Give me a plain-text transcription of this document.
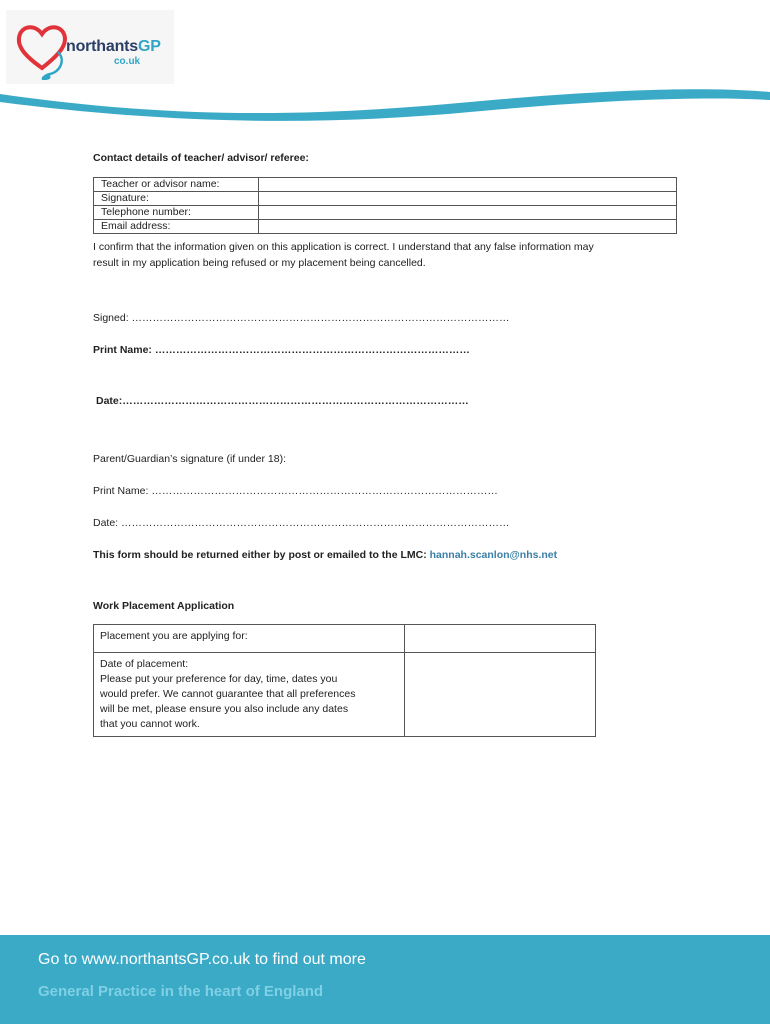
northantsGP
co.uk
Contact details of teacher/ advisor/ referee:
Teacher or advisor name:	
Signature:	
Telephone number:	
Email address:	
I confirm that the information given on this application is correct. I understand that any false information may
result in my application being refused or my placement being cancelled.
Signed: ………………………………………………………………………………………………
Print Name: ………………………………………………………………………………
Date:………………………………………………………………………………………
Parent/Guardian’s signature (if under 18):
Print Name: ………………………………………………………………………………………
Date: …………………………………………………………………………………………………
This form should be returned either by post or emailed to the LMC: hannah.scanlon@nhs.net
Work Placement Application
Placement you are applying for:	

Date of placement:
Please put your preference for day, time, dates you
would prefer. We cannot guarantee that all preferences
will be met, please ensure you also include any dates
that you cannot work.	

Go to www.northantsGP.co.uk to find out more
General Practice in the heart of England
